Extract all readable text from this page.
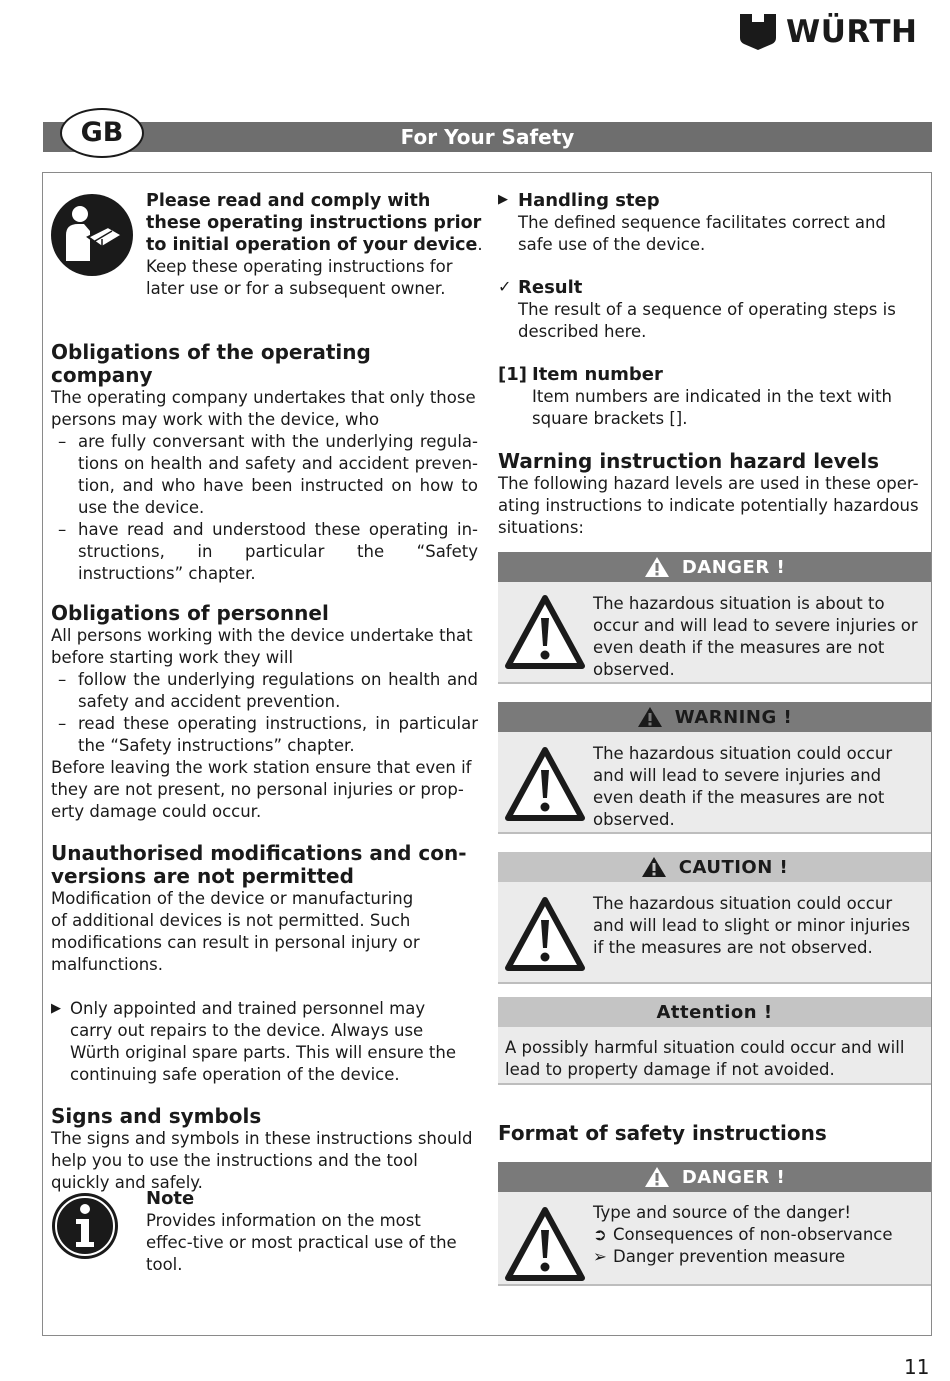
WÜRTH
For Your Safety
GB
Please read and comply with these operating instructions prior to initial operation of your device. Keep these operating instructions for later use or for a subsequent owner.
Obligations of the operating company
The operating company undertakes that only those persons may work with the device, who
– are fully conversant with the underlying regula-tions on health and safety and accident preven-tion, and who have been instructed on how to use the device.
– have read and understood these operating in-structions, in particular the “Safety instructions” chapter.
Obligations of personnel
All persons working with the device undertake that before starting work they will
– follow the underlying regulations on health and safety and accident prevention.
– read these operating instructions, in particular the “Safety instructions” chapter.
Before leaving the work station ensure that even if they are not present, no personal injuries or prop-erty damage could occur.
Unauthorised modifications and con-versions are not permitted
Modification of the device or manufacturing of additional devices is not permitted. Such modifications can result in personal injury or malfunctions.
▶ Only appointed and trained personnel may carry out repairs to the device. Always use Würth original spare parts. This will ensure the continuing safe operation of the device.
Signs and symbols
The signs and symbols in these instructions should help you to use the instructions and the tool quickly and safely.
Note
Provides information on the most effec-tive or most practical use of the tool.
▶ Handling step
The defined sequence facilitates correct and safe use of the device.
✓ Result
The result of a sequence of operating steps is described here.
[1] Item number
Item numbers are indicated in the text with square brackets [].
Warning instruction hazard levels
The following hazard levels are used in these oper-ating instructions to indicate potentially hazardous situations:
DANGER !
The hazardous situation is about to occur and will lead to severe injuries or even death if the measures are not observed.
WARNING !
The hazardous situation could occur and will lead to severe injuries and even death if the measures are not observed.
CAUTION !
The hazardous situation could occur and will lead to slight or minor injuries if the measures are not observed.
Attention !
A possibly harmful situation could occur and will lead to property damage if not avoided.
Format of safety instructions
DANGER !
Type and source of the danger!
➲ Consequences of non-observance
➢ Danger prevention measure
11
